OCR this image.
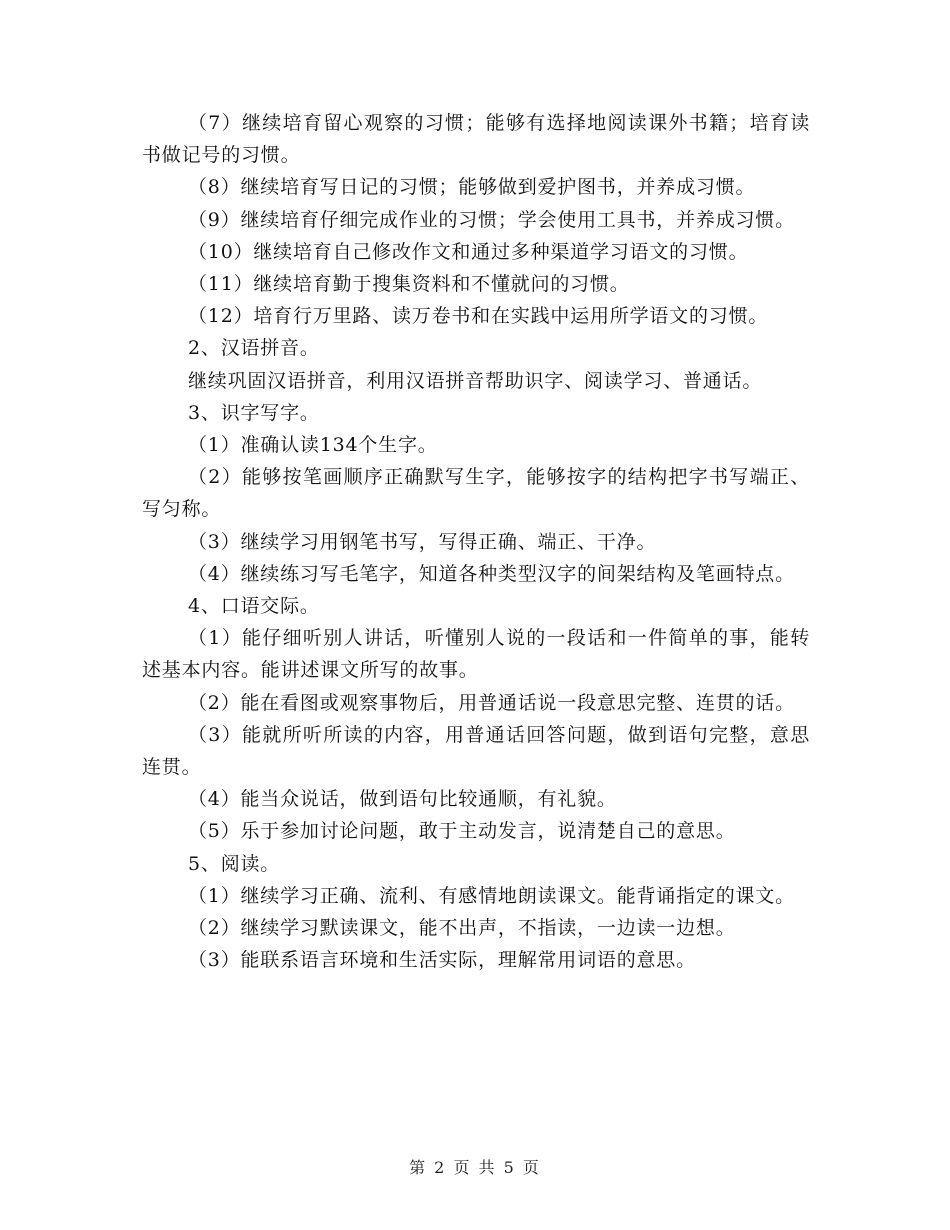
（7）继续培育留心观察的习惯；能够有选择地阅读课外书籍；培育读书做记号的习惯。

（8）继续培育写日记的习惯；能够做到爱护图书，并养成习惯。

（9）继续培育仔细完成作业的习惯；学会使用工具书，并养成习惯。

（10）继续培育自己修改作文和通过多种渠道学习语文的习惯。

（11）继续培育勤于搜集资料和不懂就问的习惯。

（12）培育行万里路、读万卷书和在实践中运用所学语文的习惯。

2、汉语拼音。

继续巩固汉语拼音，利用汉语拼音帮助识字、阅读学习、普通话。

3、识字写字。

（1）准确认读134个生字。

（2）能够按笔画顺序正确默写生字，能够按字的结构把字书写端正、写匀称。

（3）继续学习用钢笔书写，写得正确、端正、干净。

（4）继续练习写毛笔字，知道各种类型汉字的间架结构及笔画特点。

4、口语交际。

（1）能仔细听别人讲话，听懂别人说的一段话和一件简单的事，能转述基本内容。能讲述课文所写的故事。

（2）能在看图或观察事物后，用普通话说一段意思完整、连贯的话。

（3）能就所听所读的内容，用普通话回答问题，做到语句完整，意思连贯。

（4）能当众说话，做到语句比较通顺，有礼貌。

（5）乐于参加讨论问题，敢于主动发言，说清楚自己的意思。

5、阅读。

（1）继续学习正确、流利、有感情地朗读课文。能背诵指定的课文。

（2）继续学习默读课文，能不出声，不指读，一边读一边想。

（3）能联系语言环境和生活实际，理解常用词语的意思。

第 2 页 共 5 页
